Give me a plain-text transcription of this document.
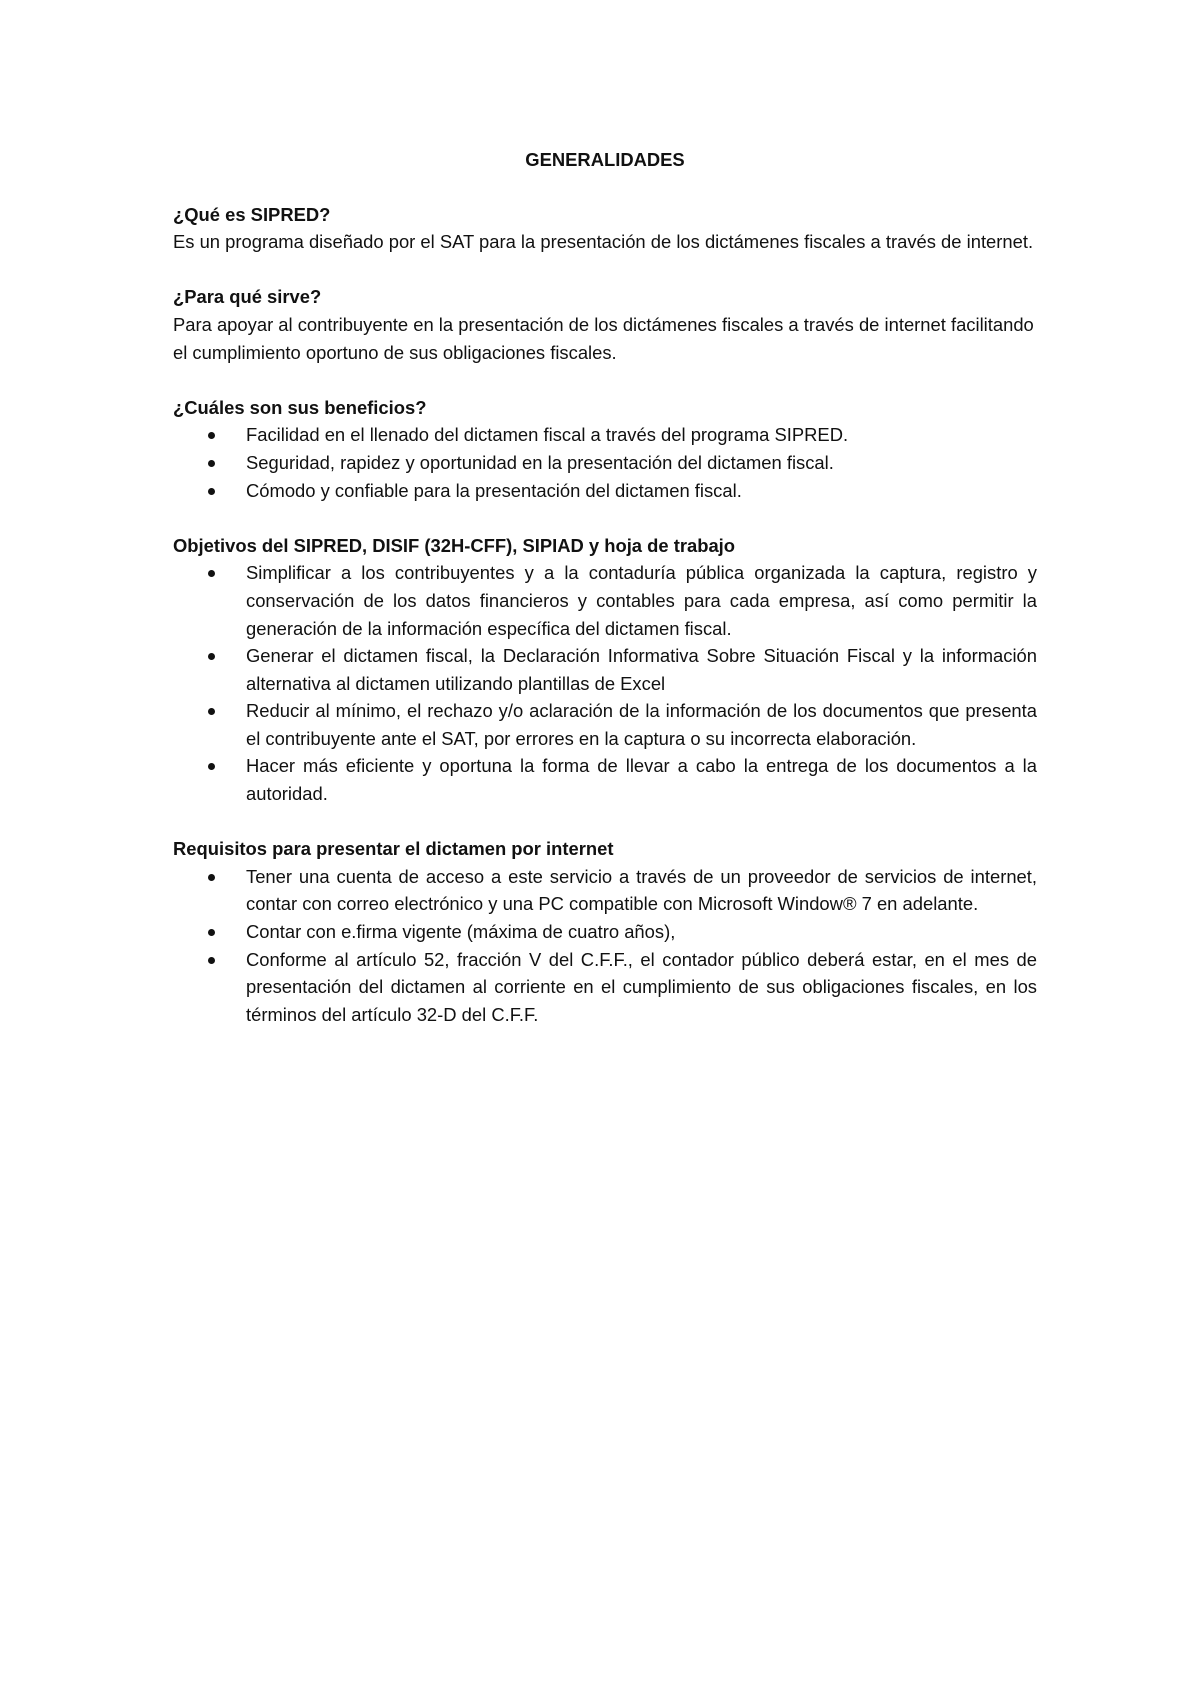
GENERALIDADES

¿Qué es SIPRED?

Es un programa diseñado por el SAT para la presentación de los dictámenes fiscales a través de internet.

¿Para qué sirve?

Para apoyar al contribuyente en la presentación de los dictámenes fiscales a través de internet facilitando el cumplimiento oportuno de sus obligaciones fiscales.

¿Cuáles son sus beneficios?

Facilidad en el llenado del dictamen fiscal a través del programa SIPRED.
Seguridad, rapidez y oportunidad en la presentación del dictamen fiscal.
Cómodo y confiable para la presentación del dictamen fiscal.

Objetivos del SIPRED, DISIF (32H-CFF), SIPIAD y hoja de trabajo

Simplificar a los contribuyentes y a la contaduría pública organizada la captura, registro y conservación de los datos financieros y contables para cada empresa, así como permitir la generación de la información específica del dictamen fiscal.
Generar el dictamen fiscal, la Declaración Informativa Sobre Situación Fiscal y la información alternativa al dictamen utilizando plantillas de Excel
Reducir al mínimo, el rechazo y/o aclaración de la información de los documentos que presenta el contribuyente ante el SAT, por errores en la captura o su incorrecta elaboración.
Hacer más eficiente y oportuna la forma de llevar a cabo la entrega de los documentos a la autoridad.

Requisitos para presentar el dictamen por internet

Tener una cuenta de acceso a este servicio a través de un proveedor de servicios de internet, contar con correo electrónico y una PC compatible con Microsoft Window® 7 en adelante.
Contar con e.firma vigente (máxima de cuatro años),
Conforme al artículo 52, fracción V del C.F.F., el contador público deberá estar, en el mes de presentación del dictamen al corriente en el cumplimiento de sus obligaciones fiscales, en los términos del artículo 32-D del C.F.F.
